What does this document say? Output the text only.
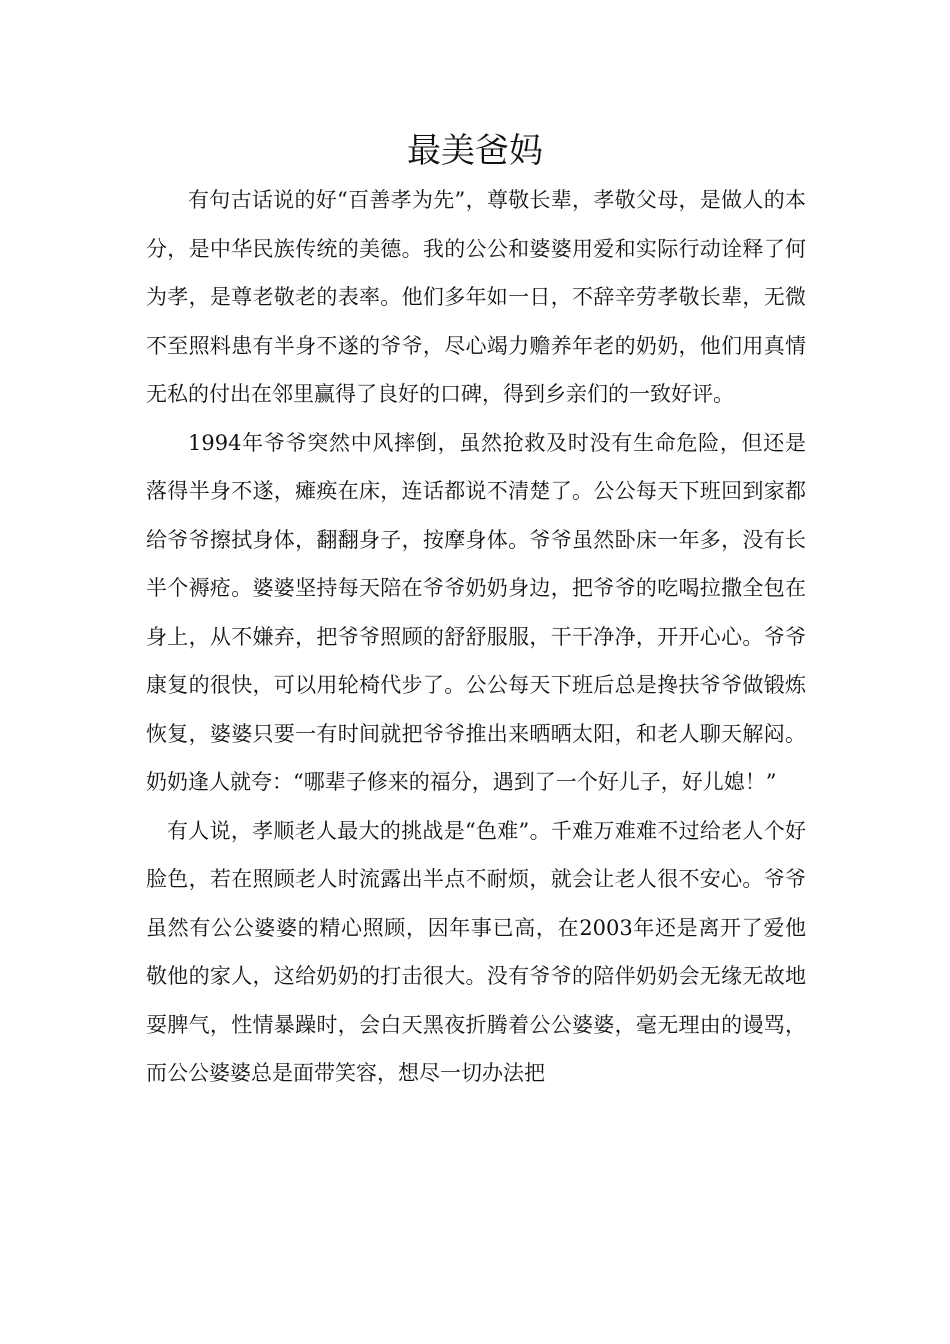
最美爸妈

有句古话说的好“百善孝为先”，尊敬长辈，孝敬父母，是做人的本分，是中华民族传统的美德。我的公公和婆婆用爱和实际行动诠释了何为孝，是尊老敬老的表率。他们多年如一日，不辞辛劳孝敬长辈，无微不至照料患有半身不遂的爷爷，尽心竭力赡养年老的奶奶，他们用真情无私的付出在邻里赢得了良好的口碑，得到乡亲们的一致好评。

1994年爷爷突然中风摔倒，虽然抢救及时没有生命危险，但还是落得半身不遂，瘫痪在床，连话都说不清楚了。公公每天下班回到家都给爷爷擦拭身体，翻翻身子，按摩身体。爷爷虽然卧床一年多，没有长半个褥疮。婆婆坚持每天陪在爷爷奶奶身边，把爷爷的吃喝拉撒全包在身上，从不嫌弃，把爷爷照顾的舒舒服服，干干净净，开开心心。爷爷康复的很快，可以用轮椅代步了。公公每天下班后总是搀扶爷爷做锻炼恢复，婆婆只要一有时间就把爷爷推出来晒晒太阳，和老人聊天解闷。奶奶逢人就夸：“哪辈子修来的福分，遇到了一个好儿子，好儿媳！”

有人说，孝顺老人最大的挑战是“色难”。千难万难难不过给老人个好脸色，若在照顾老人时流露出半点不耐烦，就会让老人很不安心。爷爷虽然有公公婆婆的精心照顾，因年事已高，在2003年还是离开了爱他敬他的家人，这给奶奶的打击很大。没有爷爷的陪伴奶奶会无缘无故地耍脾气，性情暴躁时，会白天黑夜折腾着公公婆婆，毫无理由的谩骂，而公公婆婆总是面带笑容，想尽一切办法把
